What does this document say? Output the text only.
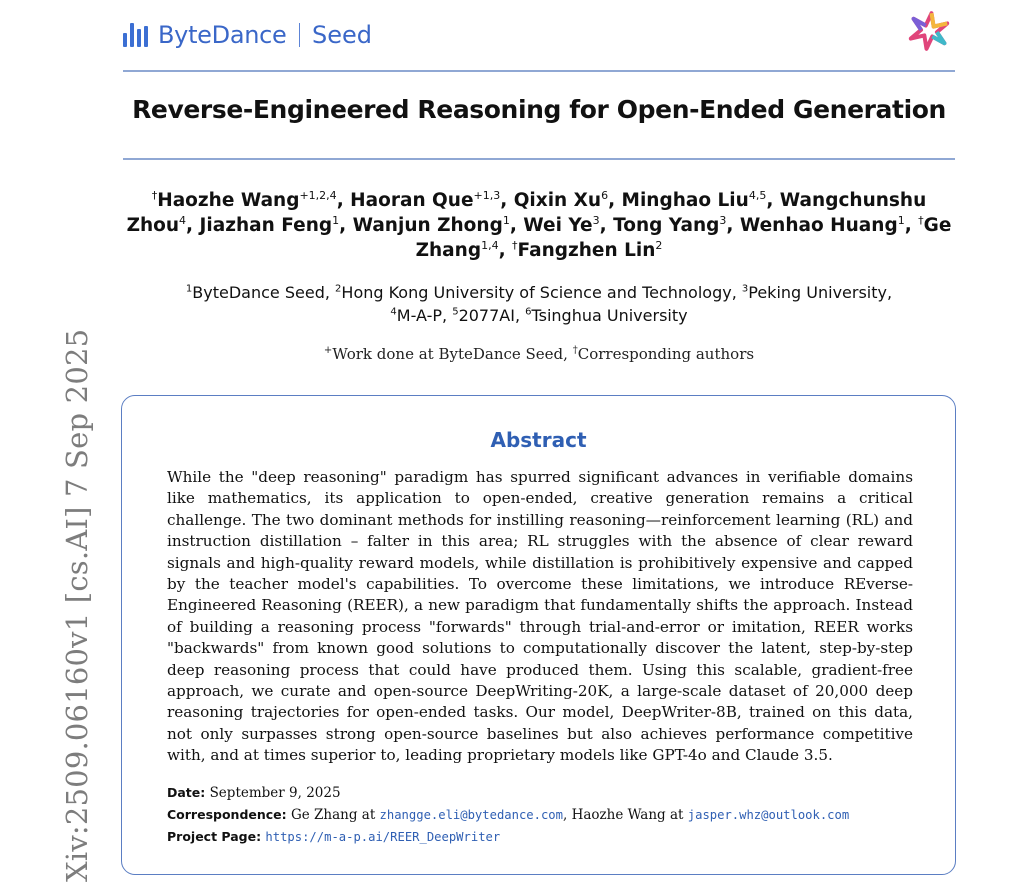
ByteDance Seed
Reverse-Engineered Reasoning for Open-Ended Generation
†Haozhe Wang$^{+1,2,4}$, Haoran Que$^{+1,3}$, Qixin Xu$^6$, Minghao Liu$^{4,5}$, Wangchunshu Zhou$^4$, Jiazhan Feng$^1$, Wanjun Zhong$^1$, Wei Ye$^3$, Tong Yang$^3$, Wenhao Huang$^1$, †Ge Zhang$^{1,4}$, †Fangzhen Lin$^2$
$^1$ByteDance Seed, $^2$Hong Kong University of Science and Technology, $^3$Peking University,
$^4$M-A-P, $^5$2077AI, $^6$Tsinghua University
+Work done at ByteDance Seed, †Corresponding authors
Abstract
While the "deep reasoning" paradigm has spurred significant advances in verifiable domains like mathematics, its application to open-ended, creative generation remains a critical challenge. The two dominant methods for instilling reasoning—reinforcement learning (RL) and instruction distillation – falter in this area; RL struggles with the absence of clear reward signals and high-quality reward models, while distillation is prohibitively expensive and capped by the teacher model's capabilities. To overcome these limitations, we introduce REverse-Engineered Reasoning (REER), a new paradigm that fundamentally shifts the approach. Instead of building a reasoning process "forwards" through trial-and-error or imitation, REER works "backwards" from known good solutions to computationally discover the latent, step-by-step deep reasoning process that could have produced them. Using this scalable, gradient-free approach, we curate and open-source DeepWriting-20K, a large-scale dataset of 20,000 deep reasoning trajectories for open-ended tasks. Our model, DeepWriter-8B, trained on this data, not only surpasses strong open-source baselines but also achieves performance competitive with, and at times superior to, leading proprietary models like GPT-4o and Claude 3.5.
Date: September 9, 2025
Correspondence: Ge Zhang at zhangge.eli@bytedance.com, Haozhe Wang at jasper.whz@outlook.com
Project Page: https://m-a-p.ai/REER_DeepWriter
Xiv:2509.06160v1 [cs.AI] 7 Sep 2025
